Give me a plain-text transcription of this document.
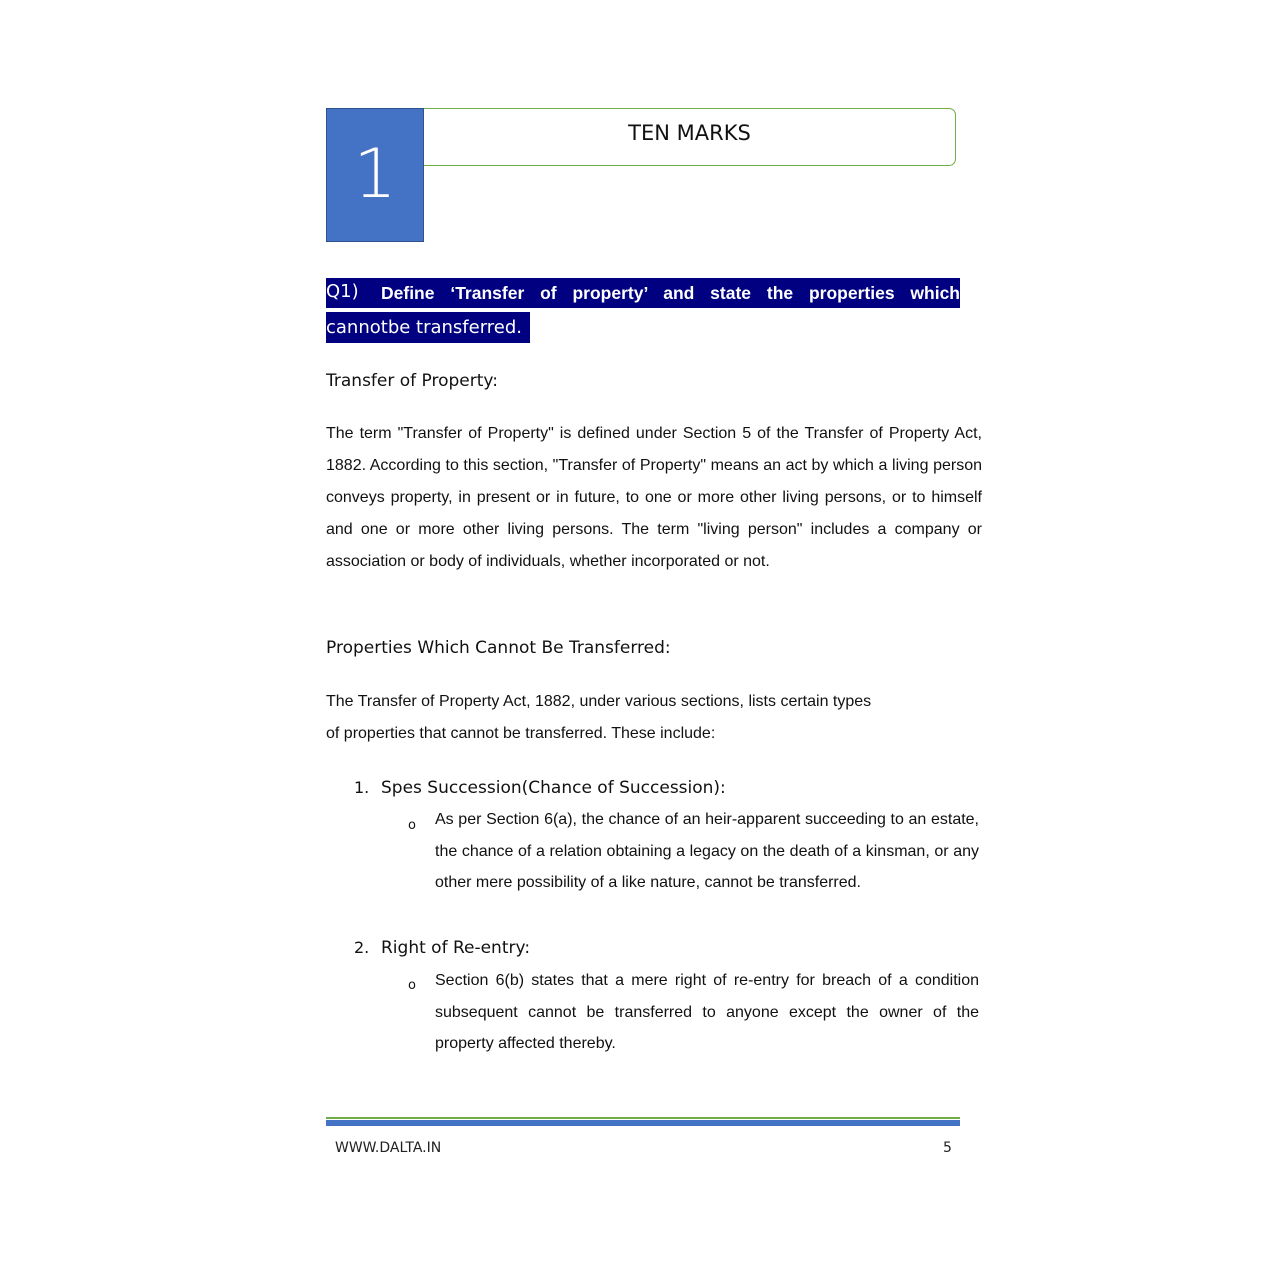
1
TEN MARKS
Q1) Define ‘Transfer of property’ and state the properties which
cannotbe transferred.
Transfer of Property:

The term "Transfer of Property" is defined under Section 5 of the Transfer of Property Act, 1882. According to this section, "Transfer of Property" means an act by which a living person conveys property, in present or in future, to one or more other living persons, or to himself and one or more other living persons. The term "living person" includes a company or association or body of individuals, whether incorporated or not.

Properties Which Cannot Be Transferred:

The Transfer of Property Act, 1882, under various sections, lists certain types

of properties that cannot be transferred. These include:

1. Spes Succession(Chance of Succession):
o As per Section 6(a), the chance of an heir-apparent succeeding to an estate, the chance of a relation obtaining a legacy on the death of a kinsman, or any other mere possibility of a like nature, cannot be transferred.

2. Right of Re-entry:
o Section 6(b) states that a mere right of re-entry for breach of a condition subsequent cannot be transferred to anyone except the owner of the property affected thereby.

WWW.DALTA.IN	5
